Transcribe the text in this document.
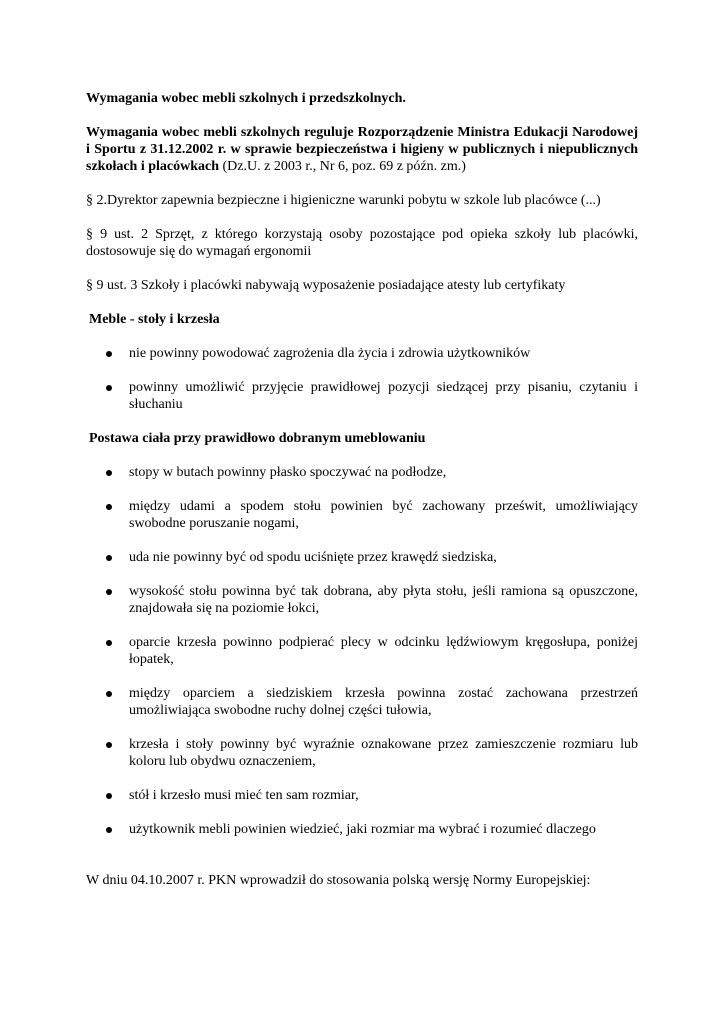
Wymagania wobec mebli szkolnych i przedszkolnych.

Wymagania wobec mebli szkolnych reguluje Rozporządzenie Ministra Edukacji Narodowej i Sportu z 31.12.2002 r. w sprawie bezpieczeństwa i higieny w publicznych i niepublicznych szkołach i placówkach (Dz.U. z 2003 r., Nr 6, poz. 69 z późn. zm.)

§ 2.Dyrektor zapewnia bezpieczne i higieniczne warunki pobytu w szkole lub placówce (...)

§ 9 ust. 2 Sprzęt, z którego korzystają osoby pozostające pod opieka szkoły lub placówki, dostosowuje się do wymagań ergonomii

§ 9 ust. 3 Szkoły i placówki nabywają wyposażenie posiadające atesty lub certyfikaty

Meble - stoły i krzesła

nie powinny powodować zagrożenia dla życia i zdrowia użytkowników
powinny umożliwić przyjęcie prawidłowej pozycji siedzącej przy pisaniu, czytaniu i słuchaniu

Postawa ciała przy prawidłowo dobranym umeblowaniu

stopy w butach powinny płasko spoczywać na podłodze,
między udami a spodem stołu powinien być zachowany prześwit, umożliwiający swobodne poruszanie nogami,
uda nie powinny być od spodu uciśnięte przez krawędź siedziska,
wysokość stołu powinna być tak dobrana, aby płyta stołu, jeśli ramiona są opuszczone, znajdowała się na poziomie łokci,
oparcie krzesła powinno podpierać plecy w odcinku lędźwiowym kręgosłupa, poniżej łopatek,
między oparciem a siedziskiem krzesła powinna zostać zachowana przestrzeń umożliwiająca swobodne ruchy dolnej części tułowia,
krzesła i stoły powinny być wyraźnie oznakowane przez zamieszczenie rozmiaru lub koloru lub obydwu oznaczeniem,
stół i krzesło musi mieć ten sam rozmiar,
użytkownik mebli powinien wiedzieć, jaki rozmiar ma wybrać i rozumieć dlaczego

W dniu 04.10.2007 r. PKN wprowadził do stosowania polską wersję Normy Europejskiej:
